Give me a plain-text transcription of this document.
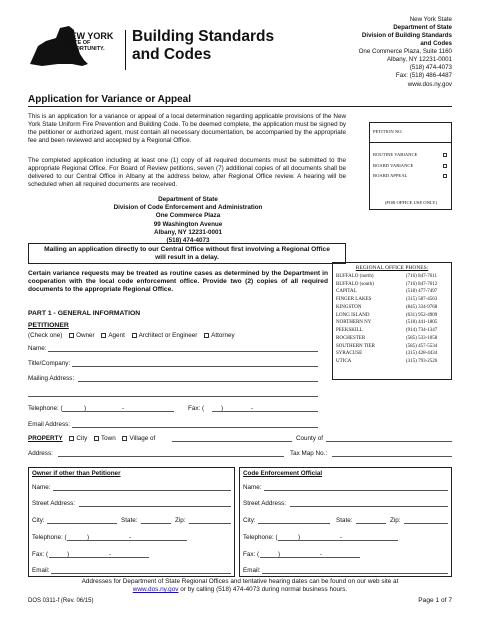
NEW YORK
STATE OF
OPPORTUNITY.
Building Standards
and Codes
New York State
Department of State
Division of Building Standards
and Codes
One Commerce Plaza, Suite 1160
Albany, NY 12231-0001
(518) 474-4073
Fax: (518) 486-4487
www.dos.ny.gov
Application for Variance or Appeal
This is an application for a variance or appeal of a local determination regarding applicable provisions of the New York State Uniform Fire Prevention and Building Code. To be deemed complete, the application must be signed by the petitioner or authorized agent, must contain all necessary documentation, be accompanied by the appropriate fee and been reviewed and accepted by a Regional Office.
The completed application including at least one (1) copy of all required documents must be submitted to the appropriate Regional Office. For Board of Review petitions, seven (7) additional copies of all documents shall be delivered to our Central Office in Albany at the address below, after Regional Office review. A hearing will be scheduled when all required documents are received.
Department of State
Division of Code Enforcement and Administration
One Commerce Plaza
99 Washington Avenue
Albany, NY 12231-0001
(518) 474-4073
Mailing an application directly to our Central Office without first involving a Regional Office will result in a delay.
Certain variance requests may be treated as routine cases as determined by the Department in cooperation with the local code enforcement office. Provide two (2) copies of all required documents to the appropriate Regional Office.
PETITION NO.
ROUTINE VARIANCE
BOARD VARIANCE
BOARD APPEAL
(FOR OFFICE USE ONLY)
REGIONAL OFFICE PHONES:
BUFFALO (north)	(716) 847-7611
BUFFALO (south)	(716) 847-7612
CAPITAL	(518) 477-7497
FINGER LAKES	(315) 587-4563
KINGSTON	(845) 334-9768
LONG ISLAND	(631) 952-4909
NORTHERN NY	(518) 441-1805
PEEKSKILL	(914) 734-1347
ROCHESTER	(585) 533-1058
SOUTHERN TIER	(585) 457-5534
SYRACUSE	(315) 428-4434
UTICA	(315) 793-2526
PART 1 - GENERAL INFORMATION
PETITIONER
(Check one) Owner Agent Architect or Engineer Attorney
Name:
Title/Company:
Mailing Address:
Telephone: (	)	-	Fax: (	)	-
Email Address:
PROPERTY City Town Village of	County of
Address:	Tax Map No.:
Owner if other than Petitioner
Name:
Street Address:
City:	State:	Zip:
Telephone: (	)	-
Fax: (	)	-
Email:
Code Enforcement Official
Name:
Street Address:
City:	State:	Zip:
Telephone: (	)	-
Fax: (	)	-
Email:
Addresses for Department of State Regional Offices and tentative hearing dates can be found on our web site at www.dos.ny.gov or by calling (518) 474-4073 during normal business hours.
DOS 0311-f (Rev. 06/15)	Page 1 of 7
